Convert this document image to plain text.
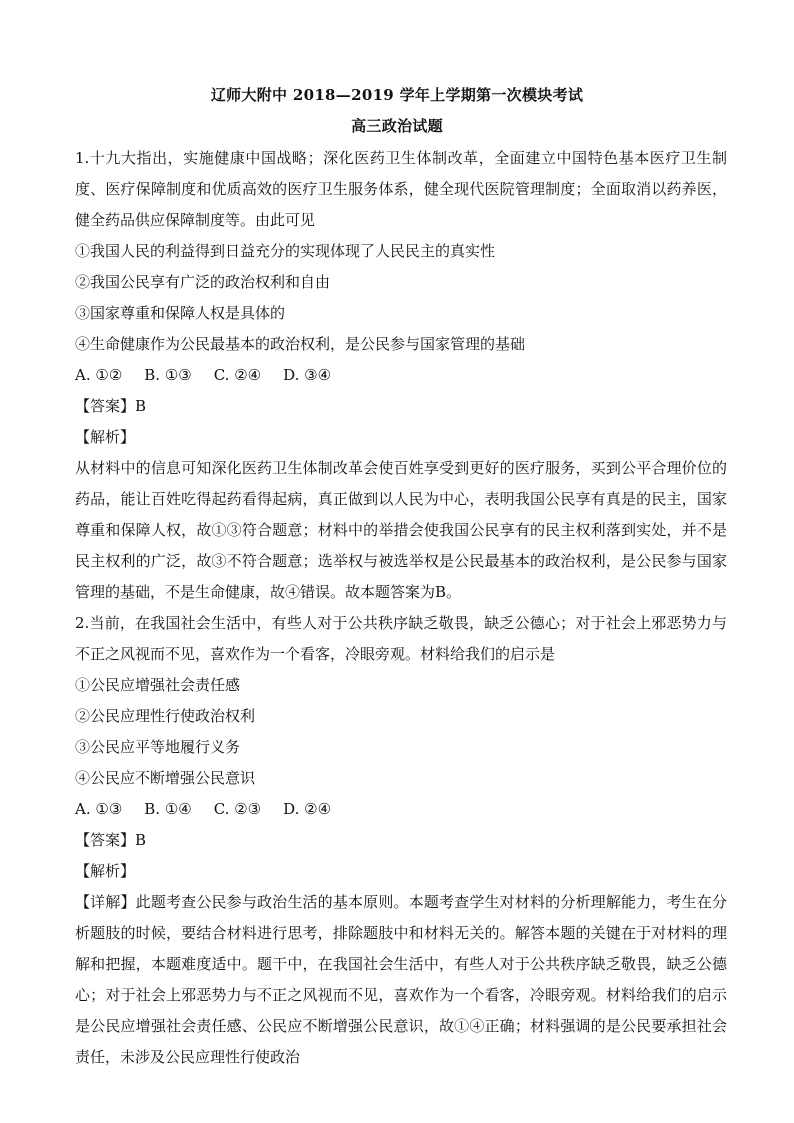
辽师大附中 2018—2019 学年上学期第一次模块考试
高三政治试题
1.十九大指出，实施健康中国战略；深化医药卫生体制改革，全面建立中国特色基本医疗卫生制度、医疗保障制度和优质高效的医疗卫生服务体系，健全现代医院管理制度；全面取消以药养医，健全药品供应保障制度等。由此可见
①我国人民的利益得到日益充分的实现体现了人民民主的真实性
②我国公民享有广泛的政治权利和自由
③国家尊重和保障人权是具体的
④生命健康作为公民最基本的政治权利，是公民参与国家管理的基础
A. ①② B. ①③ C. ②④ D. ③④
【答案】B
【解析】
从材料中的信息可知深化医药卫生体制改革会使百姓享受到更好的医疗服务，买到公平合理价位的药品，能让百姓吃得起药看得起病，真正做到以人民为中心，表明我国公民享有真是的民主，国家尊重和保障人权，故①③符合题意；材料中的举措会使我国公民享有的民主权利落到实处，并不是民主权利的广泛，故③不符合题意；选举权与被选举权是公民最基本的政治权利，是公民参与国家管理的基础，不是生命健康，故④错误。故本题答案为B。
2.当前，在我国社会生活中，有些人对于公共秩序缺乏敬畏，缺乏公德心；对于社会上邪恶势力与不正之风视而不见，喜欢作为一个看客，冷眼旁观。材料给我们的启示是
①公民应增强社会责任感
②公民应理性行使政治权利
③公民应平等地履行义务
④公民应不断增强公民意识
A. ①③ B. ①④ C. ②③ D. ②④
【答案】B
【解析】
【详解】此题考查公民参与政治生活的基本原则。本题考查学生对材料的分析理解能力，考生在分析题肢的时候，要结合材料进行思考，排除题肢中和材料无关的。解答本题的关键在于对材料的理解和把握，本题难度适中。题干中，在我国社会生活中，有些人对于公共秩序缺乏敬畏，缺乏公德心；对于社会上邪恶势力与不正之风视而不见，喜欢作为一个看客，冷眼旁观。材料给我们的启示是公民应增强社会责任感、公民应不断增强公民意识，故①④正确；材料强调的是公民要承担社会责任，未涉及公民应理性行使政治
